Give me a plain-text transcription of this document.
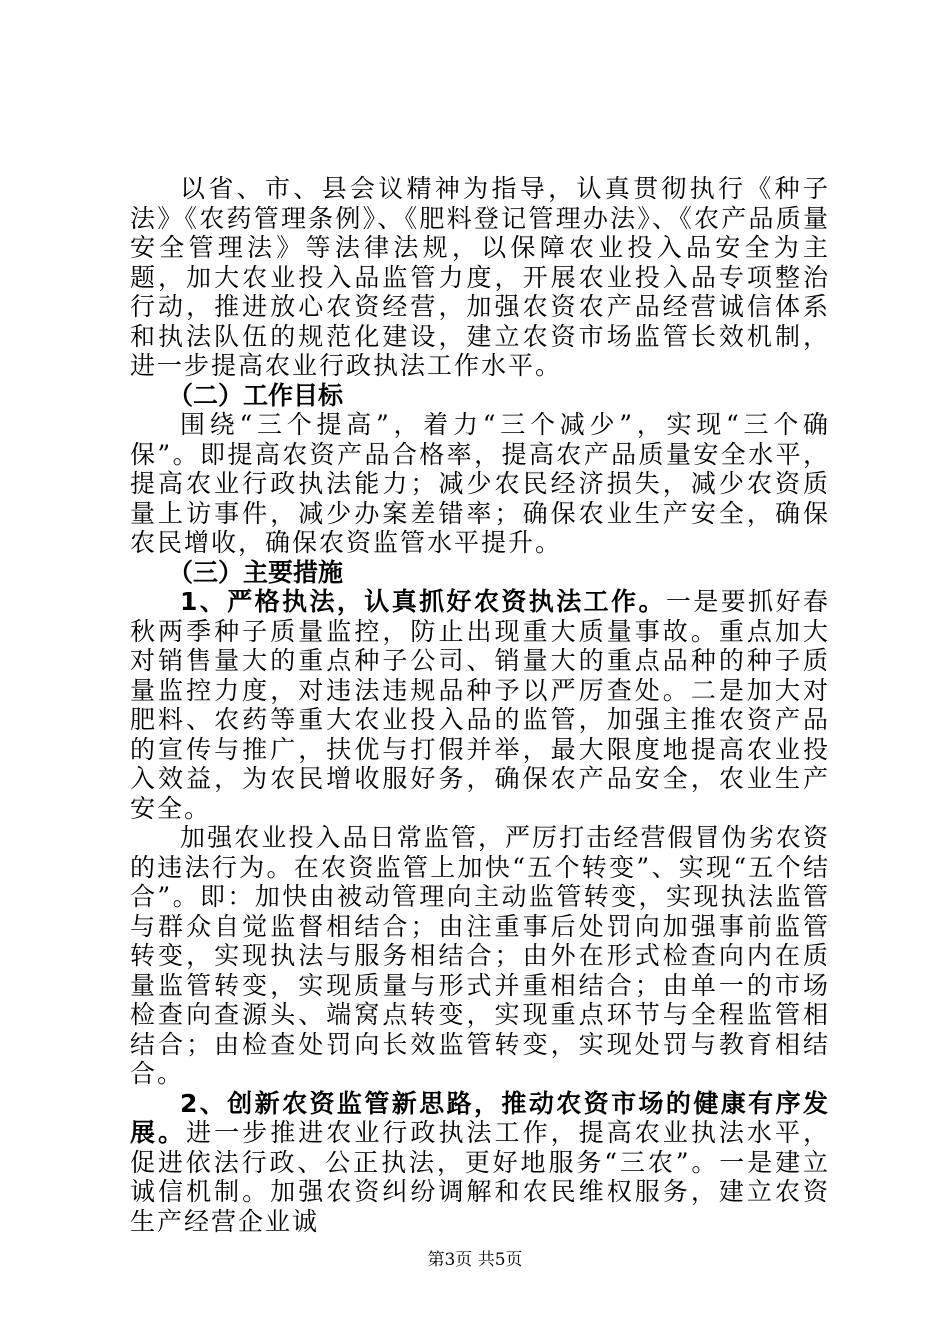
以省、市、县会议精神为指导，认真贯彻执行《种子法》《农药管理条例》、《肥料登记管理办法》、《农产品质量安全管理法》等法律法规，以保障农业投入品安全为主题，加大农业投入品监管力度，开展农业投入品专项整治行动，推进放心农资经营，加强农资农产品经营诚信体系和执法队伍的规范化建设，建立农资市场监管长效机制，进一步提高农业行政执法工作水平。

（二）工作目标

围绕“三个提高”，着力“三个减少”，实现“三个确保”。即提高农资产品合格率，提高农产品质量安全水平，提高农业行政执法能力；减少农民经济损失，减少农资质量上访事件，减少办案差错率；确保农业生产安全，确保农民增收，确保农资监管水平提升。

（三）主要措施

1、严格执法，认真抓好农资执法工作。一是要抓好春秋两季种子质量监控，防止出现重大质量事故。重点加大对销售量大的重点种子公司、销量大的重点品种的种子质量监控力度，对违法违规品种予以严厉查处。二是加大对肥料、农药等重大农业投入品的监管，加强主推农资产品的宣传与推广，扶优与打假并举，最大限度地提高农业投入效益，为农民增收服好务，确保农产品安全，农业生产安全。

加强农业投入品日常监管，严厉打击经营假冒伪劣农资的违法行为。在农资监管上加快“五个转变”、实现“五个结合”。即：加快由被动管理向主动监管转变，实现执法监管与群众自觉监督相结合；由注重事后处罚向加强事前监管转变，实现执法与服务相结合；由外在形式检查向内在质量监管转变，实现质量与形式并重相结合；由单一的市场检查向查源头、端窝点转变，实现重点环节与全程监管相结合；由检查处罚向长效监管转变，实现处罚与教育相结合。

2、创新农资监管新思路，推动农资市场的健康有序发展。进一步推进农业行政执法工作，提高农业执法水平，促进依法行政、公正执法，更好地服务“三农”。一是建立诚信机制。加强农资纠纷调解和农民维权服务，建立农资生产经营企业诚

第3页 共5页
